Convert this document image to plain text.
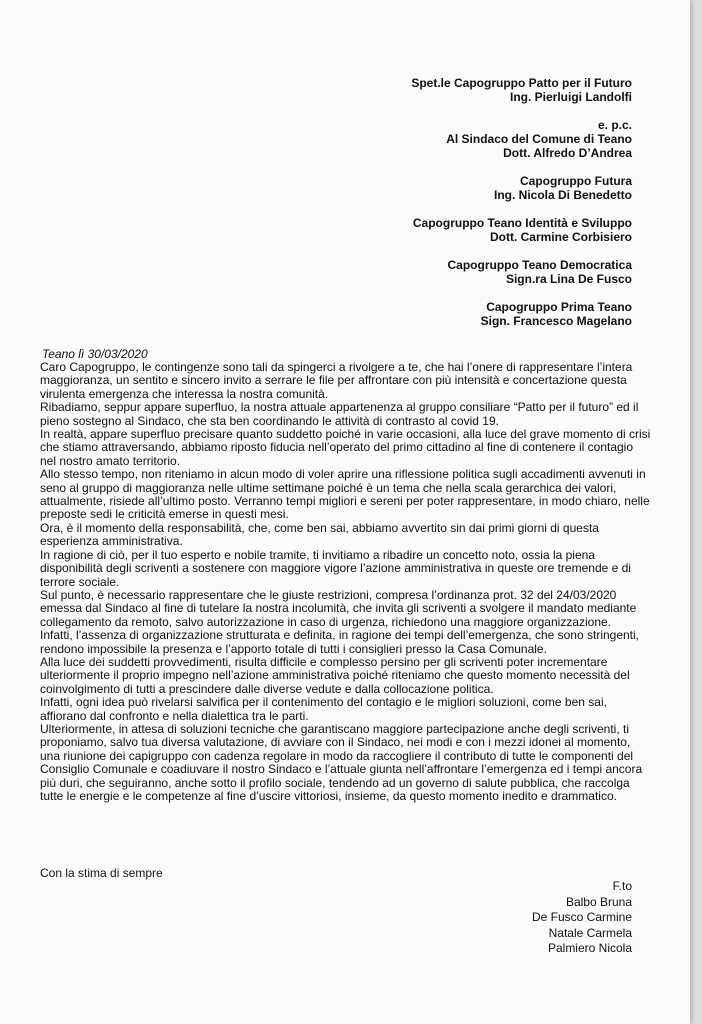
Spet.le Capogruppo Patto per il Futuro
Ing. Pierluigi Landolfi
e. p.c.
Al Sindaco del Comune di Teano
Dott. Alfredo D’Andrea
Capogruppo Futura
Ing. Nicola Di Benedetto
Capogruppo Teano Identità e Sviluppo
Dott. Carmine Corbisiero
Capogruppo Teano Democratica
Sign.ra Lina De Fusco
Capogruppo Prima Teano
Sign. Francesco Magelano
Teano lì 30/03/2020

Caro Capogruppo, le contingenze sono tali da spingerci a rivolgere a te, che hai l’onere di rappresentare l’intera maggioranza, un sentito e sincero invito a serrare le file per affrontare con più intensità e concertazione questa virulenta emergenza che interessa la nostra comunità.

Ribadiamo, seppur appare superfluo, la nostra attuale appartenenza al gruppo consiliare “Patto per il futuro” ed il pieno sostegno al Sindaco, che sta ben coordinando le attività di contrasto al covid 19.

In realtà, appare superfluo precisare quanto suddetto poiché in varie occasioni, alla luce del grave momento di crisi che stiamo attraversando, abbiamo riposto fiducia nell’operato del primo cittadino al fine di contenere il contagio nel nostro amato territorio.

Allo stesso tempo, non riteniamo in alcun modo di voler aprire una riflessione politica sugli accadimenti avvenuti in seno al gruppo di maggioranza nelle ultime settimane poiché è un tema che nella scala gerarchica dei valori, attualmente, risiede all’ultimo posto. Verranno tempi migliori e sereni per poter rappresentare, in modo chiaro, nelle preposte sedi le criticità emerse in questi mesi.

Ora, è il momento della responsabilità, che, come ben sai, abbiamo avvertito sin dai primi giorni di questa esperienza amministrativa.

In ragione di ciò, per il tuo esperto e nobile tramite, ti invitiamo a ribadire un concetto noto, ossia la piena disponibilità degli scriventi a sostenere con maggiore vigore l’azione amministrativa in queste ore tremende e di terrore sociale.

Sul punto, è necessario rappresentare che le giuste restrizioni, compresa l’ordinanza prot. 32 del 24/03/2020 emessa dal Sindaco al fine di tutelare la nostra incolumità, che invita gli scriventi a svolgere il mandato mediante collegamento da remoto, salvo autorizzazione in caso di urgenza, richiedono una maggiore organizzazione.

Infatti, l’assenza di organizzazione strutturata e definita, in ragione dei tempi dell’emergenza, che sono stringenti, rendono impossibile la presenza e l’apporto totale di tutti i consiglieri presso la Casa Comunale.

Alla luce dei suddetti provvedimenti, risulta difficile e complesso persino per gli scriventi poter incrementare ulteriormente il proprio impegno nell’azione amministrativa poiché riteniamo che questo momento necessità del coinvolgimento di tutti a prescindere dalle diverse vedute e dalla collocazione politica.

Infatti, ogni idea può rivelarsi salvifica per il contenimento del contagio e le migliori soluzioni, come ben sai, affiorano dal confronto e nella dialettica tra le parti.

Ulteriormente, in attesa di soluzioni tecniche che garantiscano maggiore partecipazione anche degli scriventi, ti proponiamo, salvo tua diversa valutazione, di avviare con il Sindaco, nei modi e con i mezzi idonei al momento, una riunione dei capigruppo con cadenza regolare in modo da raccogliere il contributo di tutte le componenti del Consiglio Comunale e coadiuvare il nostro Sindaco e l’attuale giunta nell’affrontare l’emergenza ed i tempi ancora più duri, che seguiranno, anche sotto il profilo sociale, tendendo ad un governo di salute pubblica, che raccolga tutte le energie e le competenze al fine d’uscire vittoriosi, insieme, da questo momento inedito e drammatico.

Con la stima di sempre
F.to
Balbo Bruna
De Fusco Carmine
Natale Carmela
Palmiero Nicola
